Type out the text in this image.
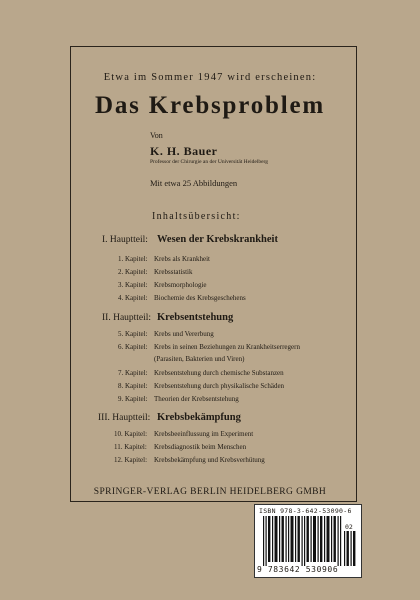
Etwa im Sommer 1947 wird erscheinen:
Das Krebsproblem
Von
K. H. Bauer
Professor der Chirurgie an der Universität Heidelberg
Mit etwa 25 Abbildungen
Inhaltsübersicht:
I. Hauptteil: Wesen der Krebskrankheit
1. Kapitel: Krebs als Krankheit
2. Kapitel: Krebsstatistik
3. Kapitel: Krebsmorphologie
4. Kapitel: Biochemie des Krebsgeschehens
II. Hauptteil: Krebsentstehung
5. Kapitel: Krebs und Vererbung
6. Kapitel: Krebs in seinen Beziehungen zu Krankheitserregern
(Parasiten, Bakterien und Viren)
7. Kapitel: Krebsentstehung durch chemische Substanzen
8. Kapitel: Krebsentstehung durch physikalische Schäden
9. Kapitel: Theorien der Krebsentstehung
III. Hauptteil: Krebsbekämpfung
10. Kapitel: Krebsbeeinflussung im Experiment
11. Kapitel: Krebsdiagnostik beim Menschen
12. Kapitel: Krebsbekämpfung und Krebsverhütung
SPRINGER-VERLAG BERLIN HEIDELBERG GMBH
ISBN 978-3-642-53090-6
02
9 783642 530906
